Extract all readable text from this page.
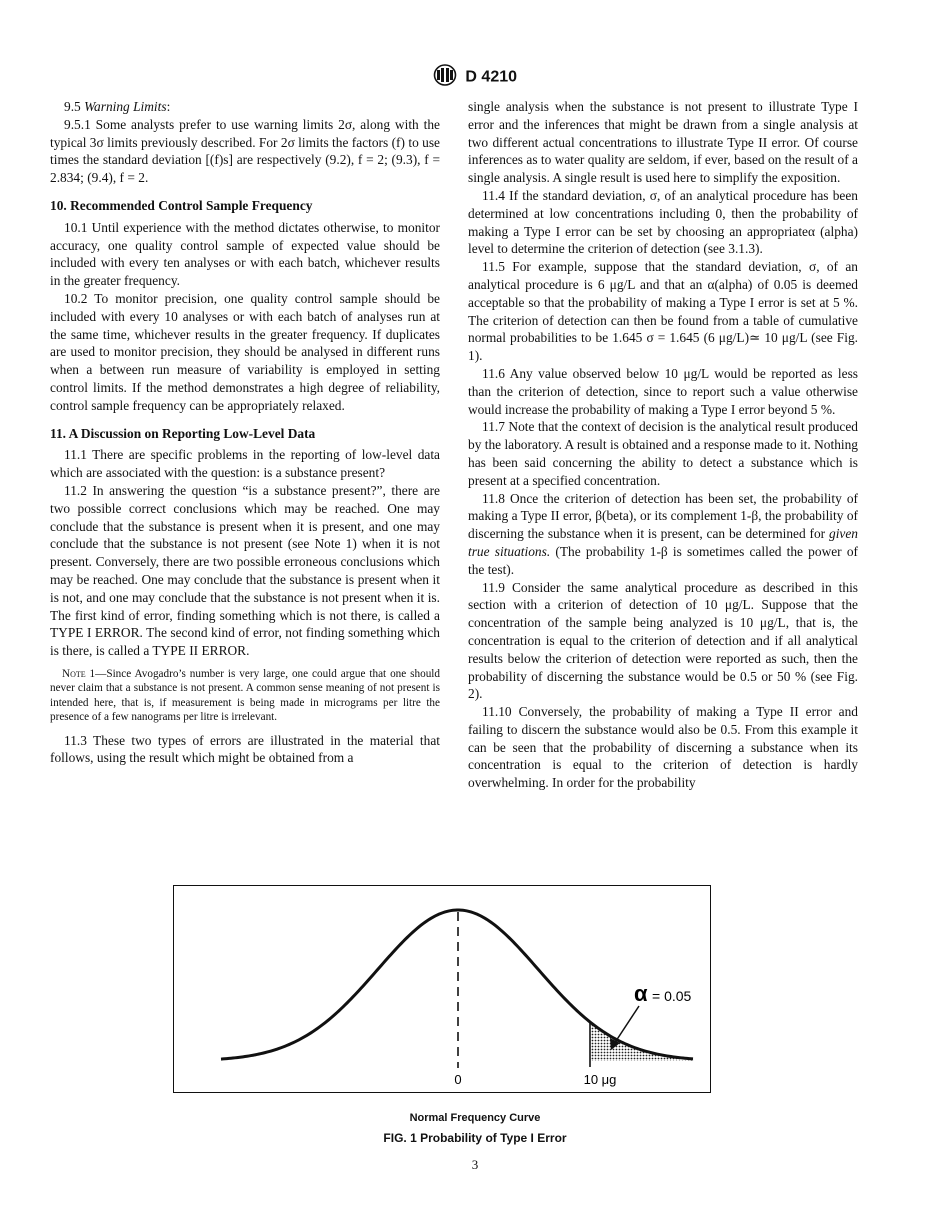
D 4210

9.5 Warning Limits:

9.5.1 Some analysts prefer to use warning limits 2σ, along with the typical 3σ limits previously described. For 2σ limits the factors (f) to use times the standard deviation [(f)s] are respectively (9.2), f = 2; (9.3), f = 2.834; (9.4), f = 2.

10. Recommended Control Sample Frequency

10.1 Until experience with the method dictates otherwise, to monitor accuracy, one quality control sample of expected value should be included with every ten analyses or with each batch, whichever results in the greater frequency.

10.2 To monitor precision, one quality control sample should be included with every 10 analyses or with each batch of analyses run at the same time, whichever results in the greater frequency. If duplicates are used to monitor precision, they should be analysed in different runs when a between run measure of variability is employed in setting control limits. If the method demonstrates a high degree of reliability, control sample frequency can be appropriately relaxed.

11. A Discussion on Reporting Low-Level Data

11.1 There are specific problems in the reporting of low-level data which are associated with the question: is a substance present?

11.2 In answering the question “is a substance present?”, there are two possible correct conclusions which may be reached. One may conclude that the substance is present when it is present, and one may conclude that the substance is not present (see Note 1) when it is not present. Conversely, there are two possible erroneous conclusions which may be reached. One may conclude that the substance is present when it is not, and one may conclude that the substance is not present when it is. The first kind of error, finding something which is not there, is called a TYPE I ERROR. The second kind of error, not finding something which is there, is called a TYPE II ERROR.

Note 1—Since Avogadro’s number is very large, one could argue that one should never claim that a substance is not present. A common sense meaning of not present is intended here, that is, if measurement is being made in micrograms per litre the presence of a few nanograms per litre is irrelevant.

11.3 These two types of errors are illustrated in the material that follows, using the result which might be obtained from a

single analysis when the substance is not present to illustrate Type I error and the inferences that might be drawn from a single analysis at two different actual concentrations to illustrate Type II error. Of course inferences as to water quality are seldom, if ever, based on the result of a single analysis. A single result is used here to simplify the exposition.

11.4 If the standard deviation, σ, of an analytical procedure has been determined at low concentrations including 0, then the probability of making a Type I error can be set by choosing an appropriateα (alpha) level to determine the criterion of detection (see 3.1.3).

11.5 For example, suppose that the standard deviation, σ, of an analytical procedure is 6 μg/L and that an α(alpha) of 0.05 is deemed acceptable so that the probability of making a Type I error is set at 5 %. The criterion of detection can then be found from a table of cumulative normal probabilities to be 1.645 σ = 1.645 (6 μg/L)≃ 10 μg/L (see Fig. 1).

11.6 Any value observed below 10 μg/L would be reported as less than the criterion of detection, since to report such a value otherwise would increase the probability of making a Type I error beyond 5 %.

11.7 Note that the context of decision is the analytical result produced by the laboratory. A result is obtained and a response made to it. Nothing has been said concerning the ability to detect a substance which is present at a specified concentration.

11.8 Once the criterion of detection has been set, the probability of making a Type II error, β(beta), or its complement 1-β, the probability of discerning the substance when it is present, can be determined for given true situations. (The probability 1-β is sometimes called the power of the test).

11.9 Consider the same analytical procedure as described in this section with a criterion of detection of 10 μg/L. Suppose that the concentration of the sample being analyzed is 10 μg/L, that is, the concentration is equal to the criterion of detection and if all analytical results below the criterion of detection were reported as such, then the probability of discerning the substance would be 0.5 or 50 % (see Fig. 2).

11.10 Conversely, the probability of making a Type II error and failing to discern the substance would also be 0.5. From this example it can be seen that the probability of discerning a substance when its concentration is equal to the criterion of detection is hardly overwhelming. In order for the probability

α = 0.05
0	10 μg
Normal Frequency Curve
FIG. 1 Probability of Type I Error
3
